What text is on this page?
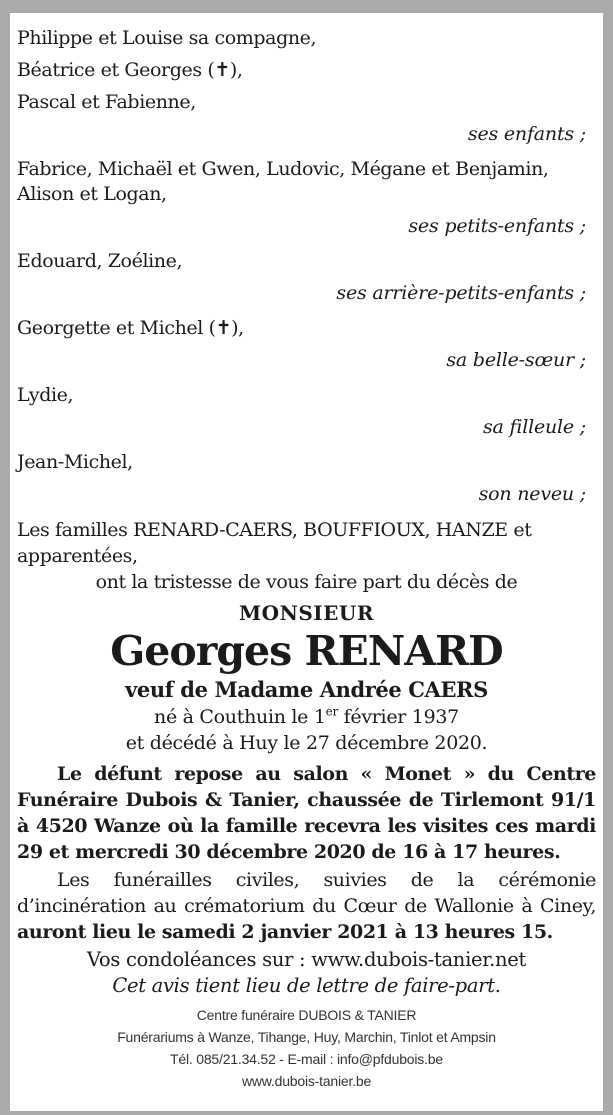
Philippe et Louise sa compagne,
Béatrice et Georges (✝),
Pascal et Fabienne,
ses enfants ;
Fabrice, Michaël et Gwen, Ludovic, Mégane et Benjamin, Alison et Logan,
ses petits-enfants ;
Edouard, Zoéline,
ses arrière-petits-enfants ;
Georgette et Michel (✝),
sa belle-sœur ;
Lydie,
sa filleule ;
Jean-Michel,
son neveu ;
Les familles RENARD-CAERS, BOUFFIOUX, HANZE et apparentées,
ont la tristesse de vous faire part du décès de
MONSIEUR
Georges RENARD
veuf de Madame Andrée CAERS
né à Couthuin le 1er février 1937
et décédé à Huy le 27 décembre 2020.
Le défunt repose au salon « Monet » du Centre Funéraire Dubois & Tanier, chaussée de Tirlemont 91/1 à 4520 Wanze où la famille recevra les visites ces mardi 29 et mercredi 30 décembre 2020 de 16 à 17 heures.
Les funérailles civiles, suivies de la cérémonie d’incinération au crématorium du Cœur de Wallonie à Ciney, auront lieu le samedi 2 janvier 2021 à 13 heures 15.
Vos condoléances sur : www.dubois-tanier.net
Cet avis tient lieu de lettre de faire-part.
Centre funéraire DUBOIS & TANIER
Funérariums à Wanze, Tihange, Huy, Marchin, Tinlot et Ampsin
Tél. 085/21.34.52 - E-mail : info@pfdubois.be
www.dubois-tanier.be
